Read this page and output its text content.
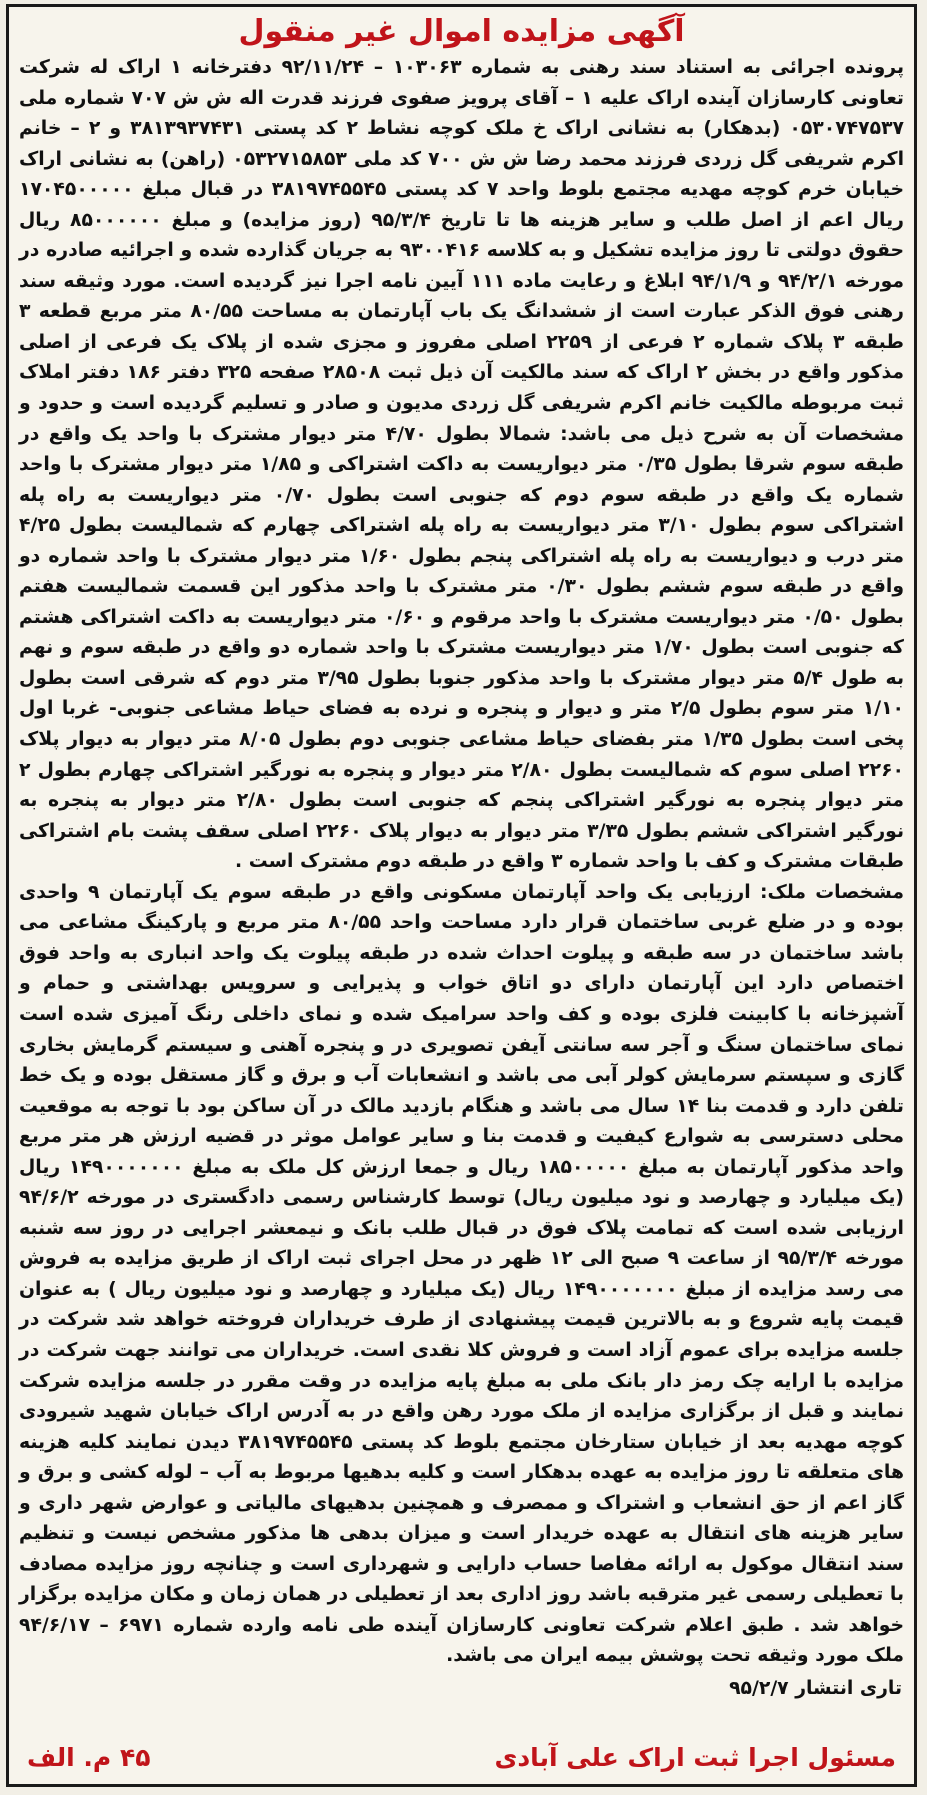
آگهی مزایده اموال غیر منقول

پرونده اجرائی به استناد سند رهنی به شماره ۱۰۳۰۶۳ – ۹۲/۱۱/۲۴ دفترخانه ۱ اراک له شرکت تعاونی کارسازان آینده اراک علیه ۱ – آقای پرویز صفوی فرزند قدرت اله ش ش ۷۰۷ شماره ملی ۰۵۳۰۷۴۷۵۳۷ (بدهکار) به نشانی اراک خ ملک کوچه نشاط ۲ کد پستی ۳۸۱۳۹۳۷۴۳۱ و ۲ – خانم اکرم شریفی گل زردی فرزند محمد رضا ش ش ۷۰۰ کد ملی ۰۵۳۲۷۱۵۸۵۳ (راهن) به نشانی اراک خیابان خرم کوچه مهدیه مجتمع بلوط واحد ۷ کد پستی ۳۸۱۹۷۴۵۵۴۵ در قبال مبلغ ۱۷۰۴۵۰۰۰۰۰ ریال اعم از اصل طلب و سایر هزینه ها تا تاریخ ۹۵/۳/۴ (روز مزایده) و مبلغ ۸۵۰۰۰۰۰۰ ریال حقوق دولتی تا روز مزایده تشکیل و به کلاسه ۹۳۰۰۴۱۶ به جریان گذارده شده و اجرائیه صادره در مورخه ۹۴/۲/۱ و ۹۴/۱/۹ ابلاغ و رعایت ماده ۱۱۱ آیین نامه اجرا نیز گردیده است. مورد وثیقه سند رهنی فوق الذکر عبارت است از ششدانگ یک باب آپارتمان به مساحت ۸۰/۵۵ متر مربع قطعه ۳ طبقه ۳ پلاک شماره ۲ فرعی از ۲۲۵۹ اصلی مفروز و مجزی شده از پلاک یک فرعی از اصلی مذکور واقع در بخش ۲ اراک که سند مالکیت آن ذیل ثبت ۲۸۵۰۸ صفحه ۳۲۵ دفتر ۱۸۶ دفتر املاک ثبت مربوطه مالکیت خانم اکرم شریفی گل زردی مدیون و صادر و تسلیم گردیده است و حدود و مشخصات آن به شرح ذیل می باشد: شمالا بطول ۴/۷۰ متر دیوار مشترک با واحد یک واقع در طبقه سوم شرقا بطول ۰/۳۵ متر دیواریست به داکت اشتراکی و ۱/۸۵ متر دیوار مشترک با واحد شماره یک واقع در طبقه سوم دوم که جنوبی است بطول ۰/۷۰ متر دیواریست به راه پله اشتراکی سوم بطول ۳/۱۰ متر دیواریست به راه پله اشتراکی چهارم که شمالیست بطول ۴/۲۵ متر درب و دیواریست به راه پله اشتراکی پنجم بطول ۱/۶۰ متر دیوار مشترک با واحد شماره دو واقع در طبقه سوم ششم بطول ۰/۳۰ متر مشترک با واحد مذکور این قسمت شمالیست هفتم بطول ۰/۵۰ متر دیواریست مشترک با واحد مرقوم و ۰/۶۰ متر دیواریست به داکت اشتراکی هشتم که جنوبی است بطول ۱/۷۰ متر دیواریست مشترک با واحد شماره دو واقع در طبقه سوم و نهم به طول ۵/۴ متر دیوار مشترک با واحد مذکور جنوبا بطول ۳/۹۵ متر دوم که شرقی است بطول ۱/۱۰ متر سوم بطول ۲/۵ متر و دیوار و پنجره و نرده به فضای حیاط مشاعی جنوبی- غربا اول پخی است بطول ۱/۳۵ متر بفضای حیاط مشاعی جنوبی دوم بطول ۸/۰۵ متر دیوار به دیوار پلاک ۲۲۶۰ اصلی سوم که شمالیست بطول ۲/۸۰ متر دیوار و پنجره به نورگیر اشتراکی چهارم بطول ۲ متر دیوار پنجره به نورگیر اشتراکی پنجم که جنوبی است بطول ۲/۸۰ متر دیوار به پنجره به نورگیر اشتراکی ششم بطول ۳/۳۵ متر دیوار به دیوار پلاک ۲۲۶۰ اصلی سقف پشت بام اشتراکی طبقات مشترک و کف با واحد شماره ۳ واقع در طبقه دوم مشترک است .

مشخصات ملک: ارزیابی یک واحد آپارتمان مسکونی واقع در طبقه سوم یک آپارتمان ۹ واحدی بوده و در ضلع غربی ساختمان قرار دارد مساحت واحد ۸۰/۵۵ متر مربع و پارکینگ مشاعی می باشد ساختمان در سه طبقه و پیلوت احداث شده در طبقه پیلوت یک واحد انباری به واحد فوق اختصاص دارد این آپارتمان دارای دو اتاق خواب و پذیرایی و سرویس بهداشتی و حمام و آشپزخانه با کابینت فلزی بوده و کف واحد سرامیک شده و نمای داخلی رنگ آمیزی شده است نمای ساختمان سنگ و آجر سه سانتی آیفن تصویری در و پنجره آهنی و سیستم گرمایش بخاری گازی و سپستم سرمایش کولر آبی می باشد و انشعابات آب و برق و گاز مستقل بوده و یک خط تلفن دارد و قدمت بنا ۱۴ سال می باشد و هنگام بازدید مالک در آن ساکن بود با توجه به موقعیت محلی دسترسی به شوارع کیفیت و قدمت بنا و سایر عوامل موثر در قضیه ارزش هر متر مربع واحد مذکور آپارتمان به مبلغ ۱۸۵۰۰۰۰۰ ریال و جمعا ارزش کل ملک به مبلغ ۱۴۹۰۰۰۰۰۰۰ ریال (یک میلیارد و چهارصد و نود میلیون ریال) توسط کارشناس رسمی دادگستری در مورخه ۹۴/۶/۲ ارزیابی شده است که تمامت پلاک فوق در قبال طلب بانک و نیمعشر اجرایی در روز سه شنبه مورخه ۹۵/۳/۴ از ساعت ۹ صبح الی ۱۲ ظهر در محل اجرای ثبت اراک از طریق مزایده به فروش می رسد مزایده از مبلغ ۱۴۹۰۰۰۰۰۰۰ ریال (یک میلیارد و چهارصد و نود میلیون ریال ) به عنوان قیمت پایه شروع و به بالاترین قیمت پیشنهادی از طرف خریداران فروخته خواهد شد شرکت در جلسه مزایده برای عموم آزاد است و فروش کلا نقدی است. خریداران می توانند جهت شرکت در مزایده با ارایه چک رمز دار بانک ملی به مبلغ پایه مزایده در وقت مقرر در جلسه مزایده شرکت نمایند و قبل از برگزاری مزایده از ملک مورد رهن واقع در به آدرس اراک خیابان شهید شیرودی کوچه مهدیه بعد از خیابان ستارخان مجتمع بلوط کد پستی ۳۸۱۹۷۴۵۵۴۵ دیدن نمایند کلیه هزینه های متعلقه تا روز مزایده به عهده بدهکار است و کلیه بدهیها مربوط به آب – لوله کشی و برق و گاز اعم از حق انشعاب و اشتراک و ممصرف و همچنین بدهیهای مالیاتی و عوارض شهر داری و سایر هزینه های انتقال به عهده خریدار است و میزان بدهی ها مذکور مشخص نیست و تنظیم سند انتقال موکول به ارائه مفاصا حساب دارایی و شهرداری است و چنانچه روز مزایده مصادف با تعطیلی رسمی غیر مترقبه باشد روز اداری بعد از تعطیلی در همان زمان و مکان مزایده برگزار خواهد شد . طبق اعلام شرکت تعاونی کارسازان آینده طی نامه وارده شماره ۶۹۷۱ – ۹۴/۶/۱۷ ملک مورد وثیقه تحت پوشش بیمه ایران می باشد.

تاری انتشار ۹۵/۲/۷
مسئول اجرا ثبت اراک علی آبادی
۴۵ م. الف
